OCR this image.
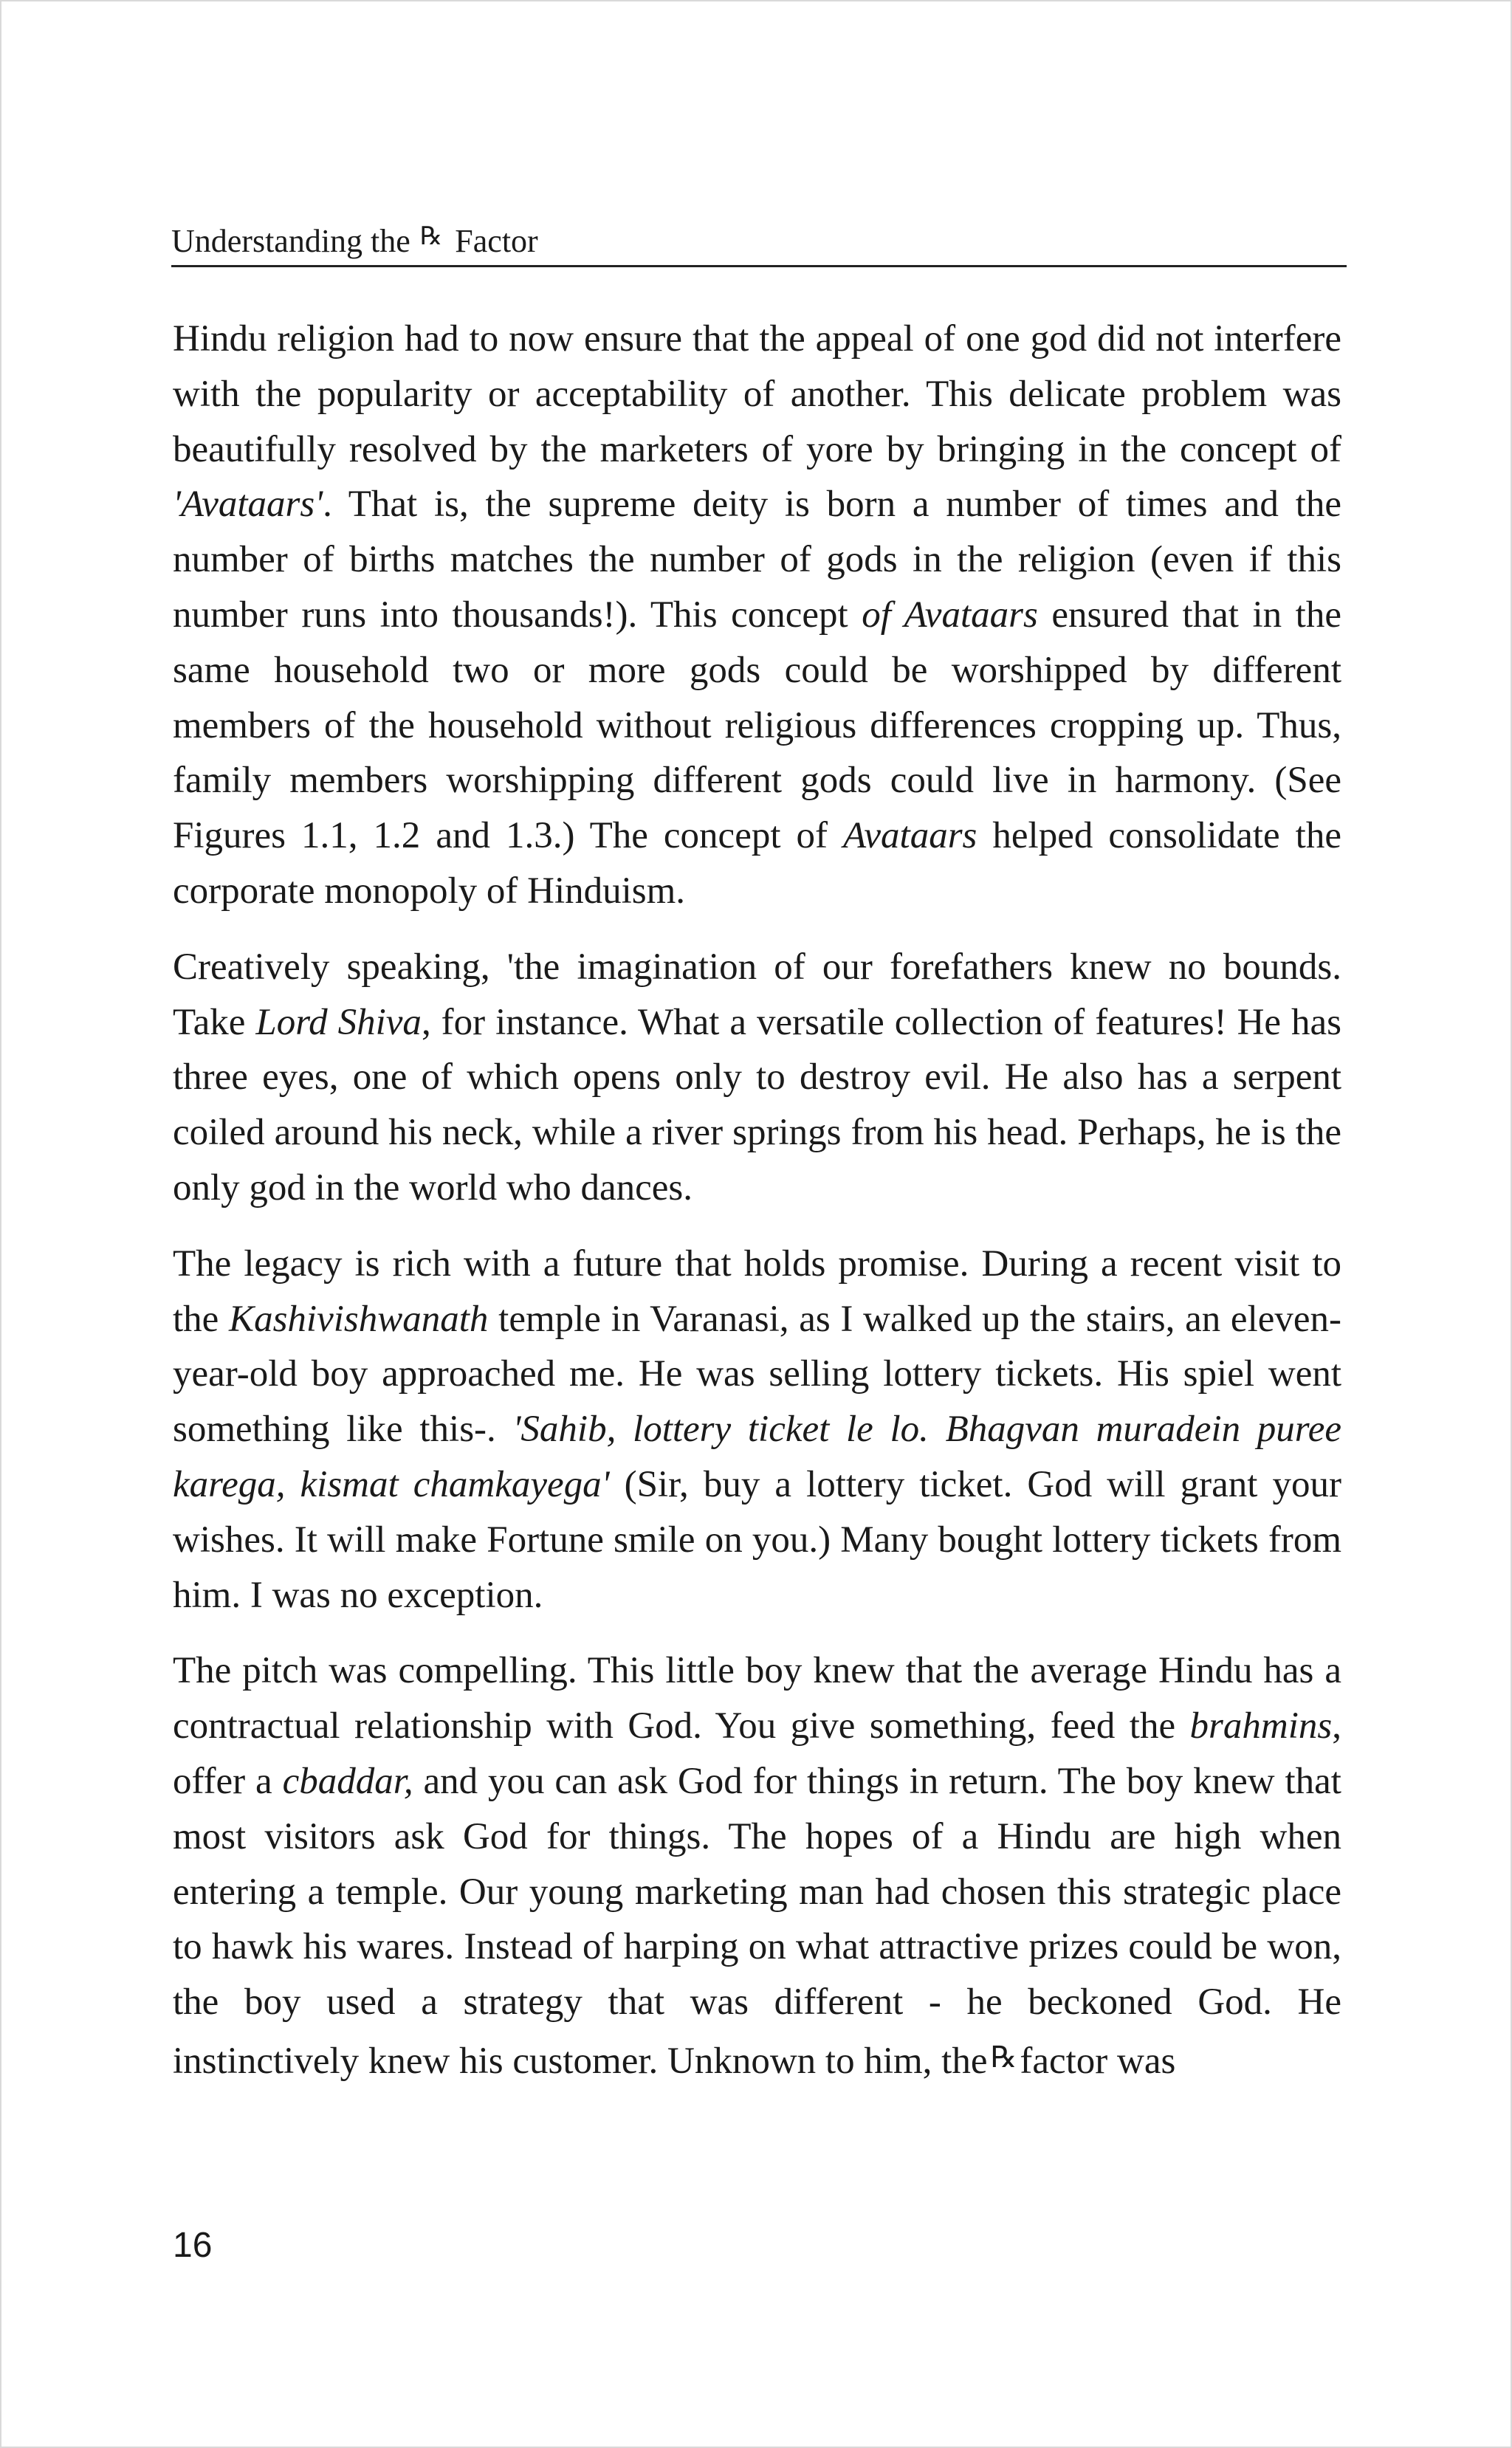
Understanding the ℞ Factor

Hindu religion had to now ensure that the appeal of one god did not interfere with the popularity or acceptability of another. This delicate problem was beautifully resolved by the marketers of yore by bringing in the concept of 'Avataars'. That is, the supreme deity is born a number of times and the number of births matches the number of gods in the religion (even if this number runs into thousands!). This concept of Avataars ensured that in the same household two or more gods could be worshipped by different members of the household without religious differences cropping up. Thus, family members worshipping different gods could live in harmony. (See Figures 1.1, 1.2 and 1.3.) The concept of Avataars helped consolidate the corporate monopoly of Hinduism.

Creatively speaking, 'the imagination of our forefathers knew no bounds. Take Lord Shiva, for instance. What a versatile collection of features! He has three eyes, one of which opens only to destroy evil. He also has a serpent coiled around his neck, while a river springs from his head. Perhaps, he is the only god in the world who dances.

The legacy is rich with a future that holds promise. During a recent visit to the Kashivishwanath temple in Varanasi, as I walked up the stairs, an eleven-year-old boy approached me. He was selling lottery tickets. His spiel went something like this-. 'Sahib, lottery ticket le lo. Bhagvan muradein puree karega, kismat chamkayega' (Sir, buy a lottery ticket. God will grant your wishes. It will make Fortune smile on you.) Many bought lottery tickets from him. I was no exception.

The pitch was compelling. This little boy knew that the average Hindu has a contractual relationship with God. You give something, feed the brahmins, offer a cbaddar, and you can ask God for things in return. The boy knew that most visitors ask God for things. The hopes of a Hindu are high when entering a temple. Our young marketing man had chosen this strategic place to hawk his wares. Instead of harping on what attractive prizes could be won, the boy used a strategy that was different - he beckoned God. He instinctively knew his customer. Unknown to him, the ℞factor was

16
